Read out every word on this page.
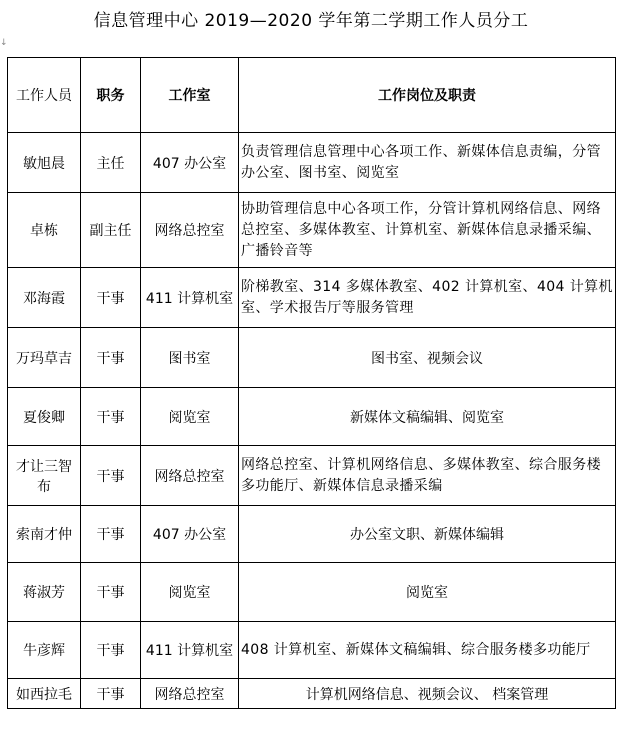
信息管理中心 2019—2020 学年第二学期工作人员分工
↓
工作人员	职务	工作室	工作岗位及职责
敏旭晨	主任	407 办公室	负责管理信息管理中心各项工作、新媒体信息责编，分管办公室、图书室、阅览室
卓栋	副主任	网络总控室	协助管理信息中心各项工作，分管计算机网络信息、网络总控室、多媒体教室、计算机室、新媒体信息录播采编、广播铃音等
邓海霞	干事	411 计算机室	阶梯教室、314 多媒体教室、402 计算机室、404 计算机室、学术报告厅等服务管理
万玛草吉	干事	图书室	图书室、视频会议
夏俊卿	干事	阅览室	新媒体文稿编辑、阅览室
才让三智布	干事	网络总控室	网络总控室、计算机网络信息、多媒体教室、综合服务楼多功能厅、新媒体信息录播采编
索南才仲	干事	407 办公室	办公室文职、新媒体编辑
蒋淑芳	干事	阅览室	阅览室
牛彦辉	干事	411 计算机室	408 计算机室、新媒体文稿编辑、综合服务楼多功能厅
如西拉毛	干事	网络总控室	计算机网络信息、视频会议、 档案管理
